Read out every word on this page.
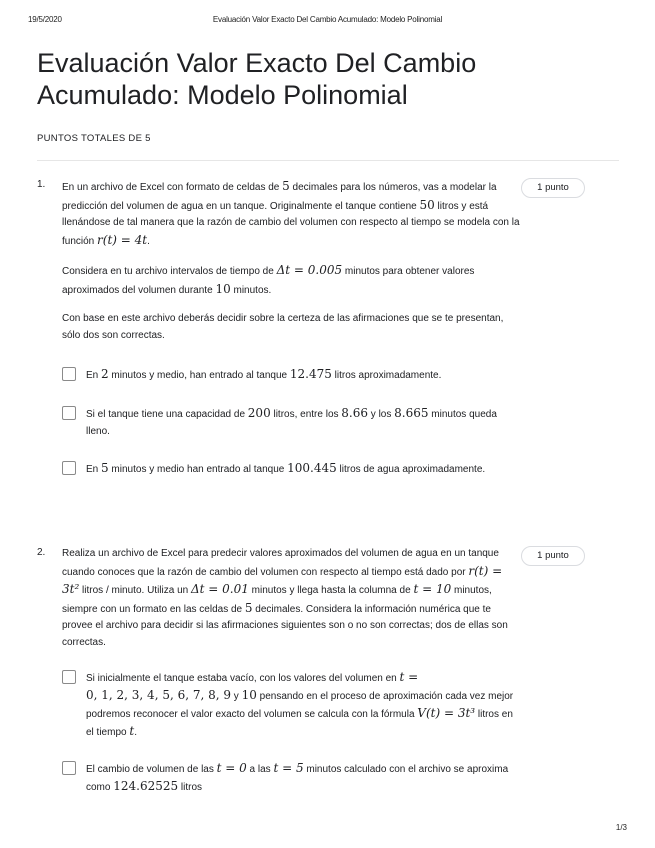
19/5/2020	Evaluación Valor Exacto Del Cambio Acumulado: Modelo Polinomial
Evaluación Valor Exacto Del Cambio
Acumulado: Modelo Polinomial
PUNTOS TOTALES DE 5
1.	1 punto

En un archivo de Excel con formato de celdas de 5 decimales para los números, vas a modelar la predicción del volumen de agua en un tanque. Originalmente el tanque contiene 50 litros y está llenándose de tal manera que la razón de cambio del volumen con respecto al tiempo se modela con la función r(t) = 4t.

Considera en tu archivo intervalos de tiempo de Δt = 0.005 minutos para obtener valores aproximados del volumen durante 10 minutos.

Con base en este archivo deberás decidir sobre la certeza de las afirmaciones que se te presentan, sólo dos son correctas.

En 2 minutos y medio, han entrado al tanque 12.475 litros aproximadamente.
Si el tanque tiene una capacidad de 200 litros, entre los 8.66 y los 8.665 minutos queda lleno.
En 5 minutos y medio han entrado al tanque 100.445 litros de agua aproximadamente.
2.	1 punto

Realiza un archivo de Excel para predecir valores aproximados del volumen de agua en un tanque cuando conoces que la razón de cambio del volumen con respecto al tiempo está dado por r(t) = 3t² litros / minuto. Utiliza un Δt = 0.01 minutos y llega hasta la columna de t = 10 minutos, siempre con un formato en las celdas de 5 decimales. Considera la información numérica que te provee el archivo para decidir si las afirmaciones siguientes son o no son correctas; dos de ellas son correctas.

Si inicialmente el tanque estaba vacío, con los valores del volumen en t =
0, 1, 2, 3, 4, 5, 6, 7, 8, 9 y 10 pensando en el proceso de aproximación cada vez mejor podremos reconocer el valor exacto del volumen se calcula con la fórmula V(t) = 3t³ litros en el tiempo t.
El cambio de volumen de las t = 0 a las t = 5 minutos calculado con el archivo se aproxima como 124.62525 litros
1/3
